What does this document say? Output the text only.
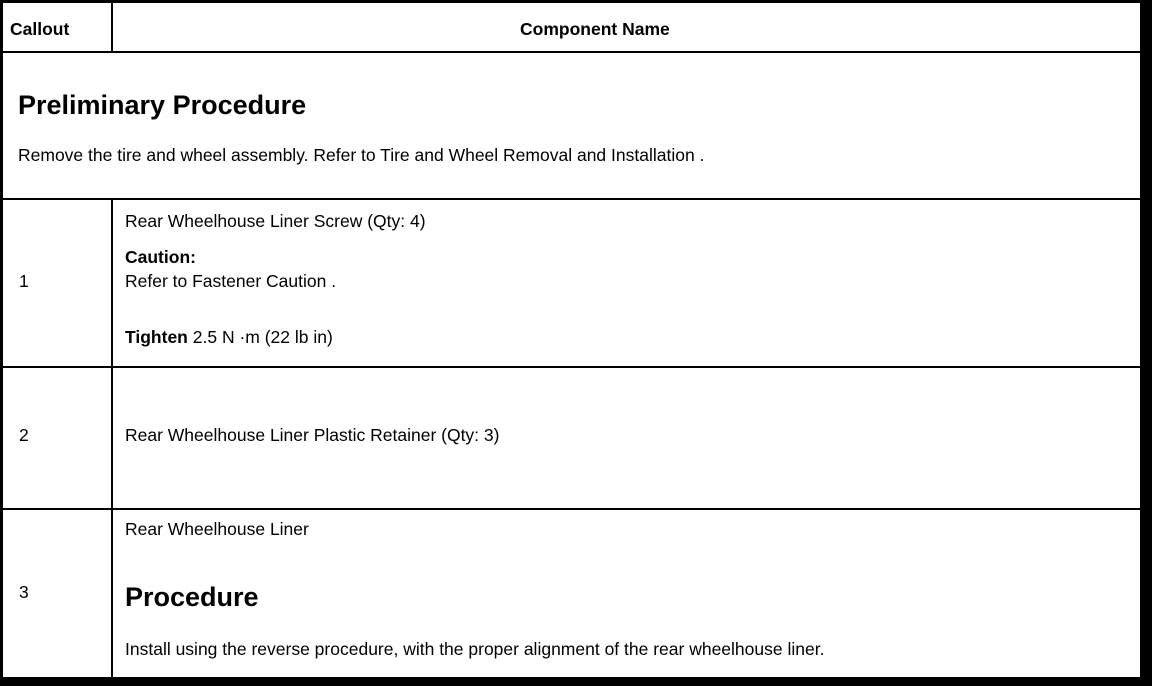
Callout	Component Name
Preliminary Procedure
Remove the tire and wheel assembly. Refer to Tire and Wheel Removal and Installation .
1
Rear Wheelhouse Liner Screw (Qty: 4)
Caution:
Refer to Fastener Caution .
Tighten 2.5 N ·m (22 lb in)
2	Rear Wheelhouse Liner Plastic Retainer (Qty: 3)
3
Rear Wheelhouse Liner
Procedure
Install using the reverse procedure, with the proper alignment of the rear wheelhouse liner.
